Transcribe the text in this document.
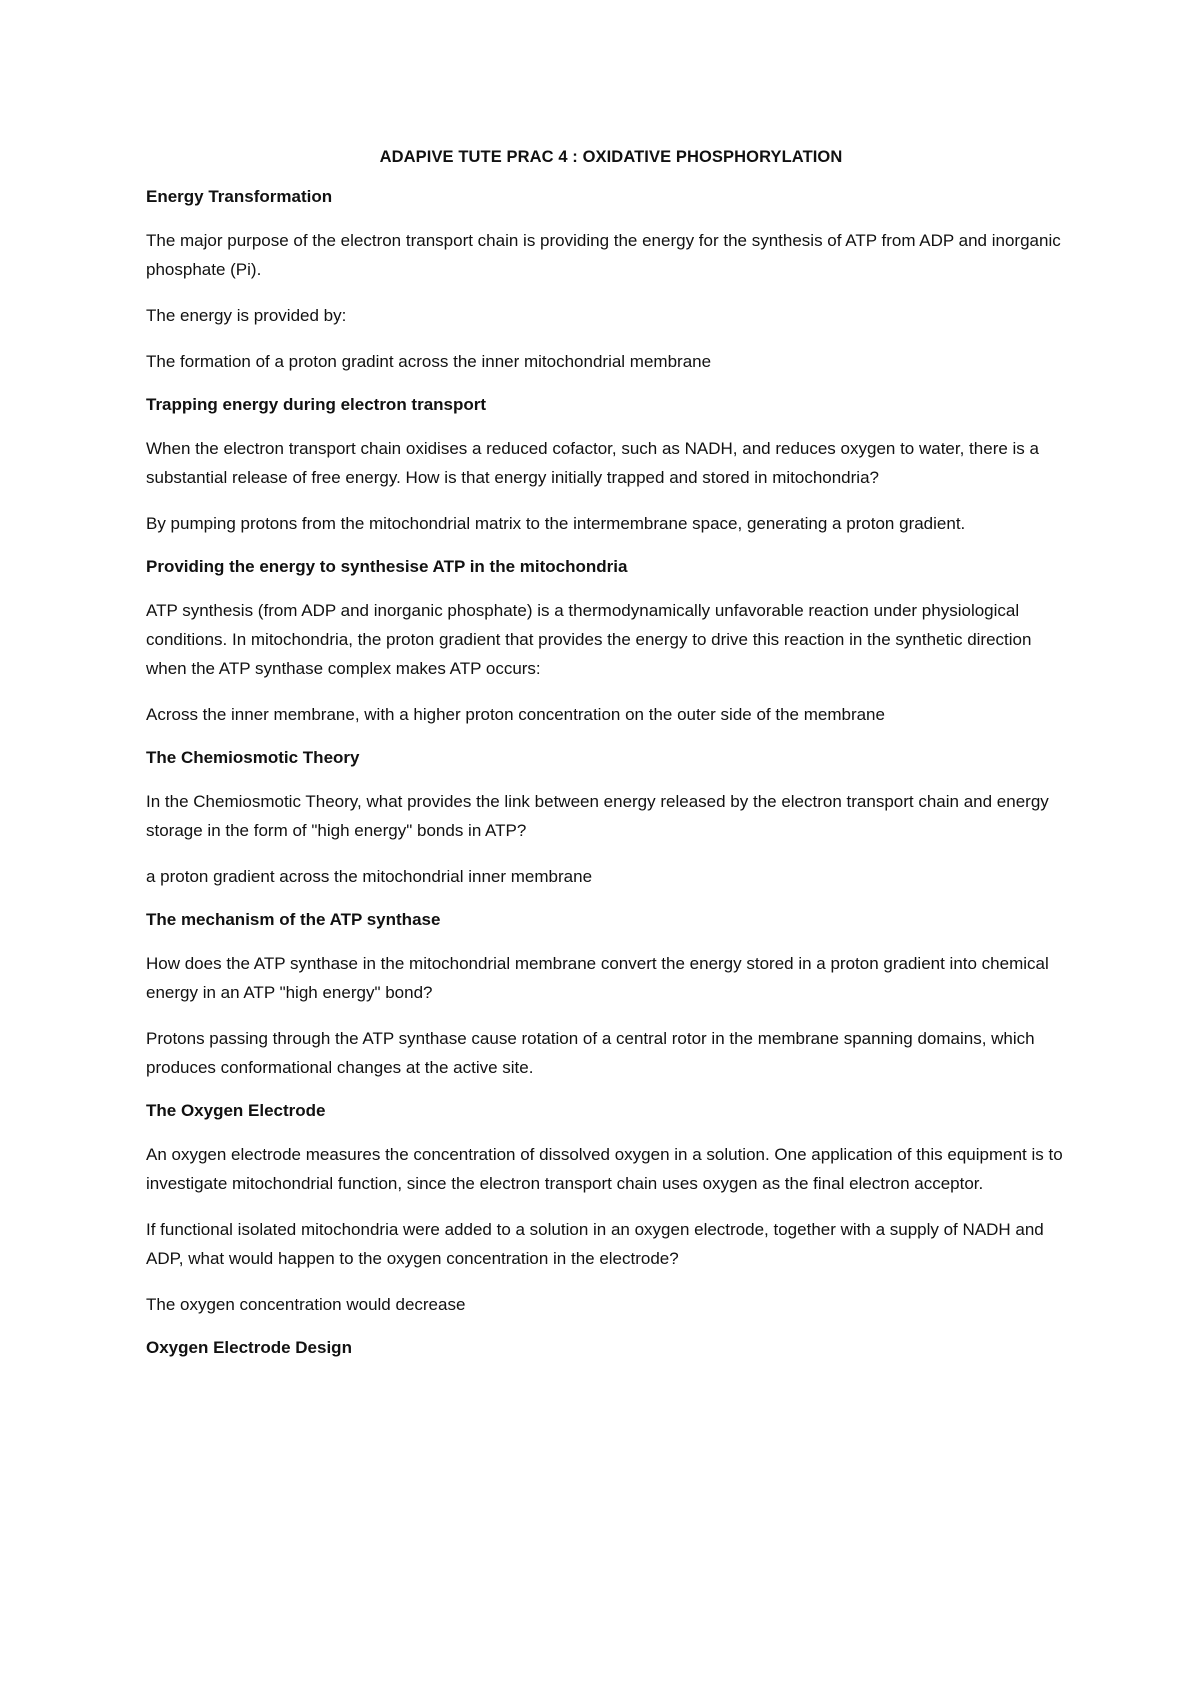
ADAPIVE TUTE PRAC 4 : OXIDATIVE PHOSPHORYLATION
Energy Transformation

The major purpose of the electron transport chain is providing the energy for the synthesis of ATP from ADP and inorganic phosphate (Pi).

The energy is provided by:

The formation of a proton gradint across the inner mitochondrial membrane

Trapping energy during electron transport

When the electron transport chain oxidises a reduced cofactor, such as NADH, and reduces oxygen to water, there is a substantial release of free energy. How is that energy initially trapped and stored in mitochondria?

By pumping protons from the mitochondrial matrix to the intermembrane space, generating a proton gradient.

Providing the energy to synthesise ATP in the mitochondria

ATP synthesis (from ADP and inorganic phosphate) is a thermodynamically unfavorable reaction under physiological conditions. In mitochondria, the proton gradient that provides the energy to drive this reaction in the synthetic direction when the ATP synthase complex makes ATP occurs:

Across the inner membrane, with a higher proton concentration on the outer side of the membrane

The Chemiosmotic Theory

In the Chemiosmotic Theory, what provides the link between energy released by the electron transport chain and energy storage in the form of "high energy" bonds in ATP?

a proton gradient across the mitochondrial inner membrane

The mechanism of the ATP synthase

How does the ATP synthase in the mitochondrial membrane convert the energy stored in a proton gradient into chemical energy in an ATP "high energy" bond?

Protons passing through the ATP synthase cause rotation of a central rotor in the membrane spanning domains, which produces conformational changes at the active site.

The Oxygen Electrode

An oxygen electrode measures the concentration of dissolved oxygen in a solution. One application of this equipment is to investigate mitochondrial function, since the electron transport chain uses oxygen as the final electron acceptor.

If functional isolated mitochondria were added to a solution in an oxygen electrode, together with a supply of NADH and ADP, what would happen to the oxygen concentration in the electrode?

The oxygen concentration would decrease

Oxygen Electrode Design
